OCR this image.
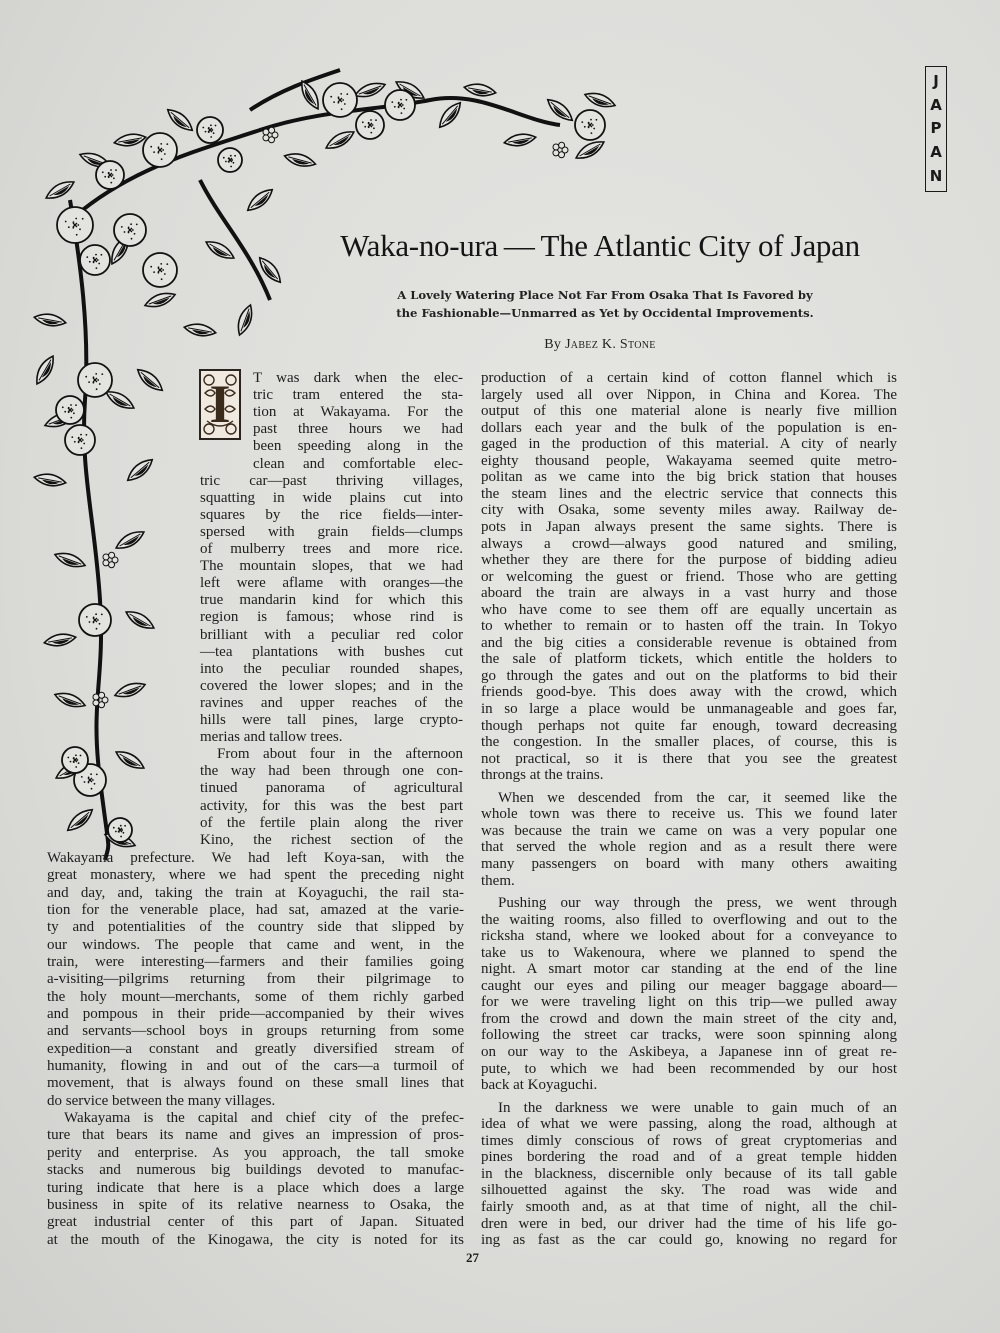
J
A
P
A
N
Waka-no-ura — The Atlantic City of Japan
A Lovely Watering Place Not Far From Osaka That Is Favored by
the Fashionable—Unmarred as Yet by Occidental Improvements.
By Jabez K. Stone
I	T was dark when the elec-
tric tram entered the sta-
tion at Wakayama. For the
past three hours we had
been speeding along in the
clean and comfortable elec-
tric car—past thriving villages,
squatting in wide plains cut into
squares by the rice fields—inter-
spersed with grain fields—clumps
of mulberry trees and more rice.
The mountain slopes, that we had
left were aflame with oranges—the
true mandarin kind for which this
region is famous; whose rind is
brilliant with a peculiar red color
—tea plantations with bushes cut
into the peculiar rounded shapes,
covered the lower slopes; and in the
ravines and upper reaches of the
hills were tall pines, large crypto-
merias and tallow trees.
From about four in the afternoon
the way had been through one con-
tinued panorama of agricultural
activity, for this was the best part
of the fertile plain along the river
Kino, the richest section of the
Wakayama prefecture. We had left Koya-san, with the
great monastery, where we had spent the preceding night
and day, and, taking the train at Koyaguchi, the rail sta-
tion for the venerable place, had sat, amazed at the varie-
ty and potentialities of the country side that slipped by
our windows. The people that came and went, in the
train, were interesting—farmers and their families going
a-visiting—pilgrims returning from their pilgrimage to
the holy mount—merchants, some of them richly garbed
and pompous in their pride—accompanied by their wives
and servants—school boys in groups returning from some
expedition—a constant and greatly diversified stream of
humanity, flowing in and out of the cars—a turmoil of
movement, that is always found on these small lines that
do service between the many villages.
Wakayama is the capital and chief city of the prefec-
ture that bears its name and gives an impression of pros-
perity and enterprise. As you approach, the tall smoke
stacks and numerous big buildings devoted to manufac-
turing indicate that here is a place which does a large
business in spite of its relative nearness to Osaka, the
great industrial center of this part of Japan. Situated
at the mouth of the Kinogawa, the city is noted for its
production of a certain kind of cotton flannel which is
largely used all over Nippon, in China and Korea. The
output of this one material alone is nearly five million
dollars each year and the bulk of the population is en-
gaged in the production of this material. A city of nearly
eighty thousand people, Wakayama seemed quite metro-
politan as we came into the big brick station that houses
the steam lines and the electric service that connects this
city with Osaka, some seventy miles away. Railway de-
pots in Japan always present the same sights. There is
always a crowd—always good natured and smiling,
whether they are there for the purpose of bidding adieu
or welcoming the guest or friend. Those who are getting
aboard the train are always in a vast hurry and those
who have come to see them off are equally uncertain as
to whether to remain or to hasten off the train. In Tokyo
and the big cities a considerable revenue is obtained from
the sale of platform tickets, which entitle the holders to
go through the gates and out on the platforms to bid their
friends good-bye. This does away with the crowd, which
in so large a place would be unmanageable and goes far,
though perhaps not quite far enough, toward decreasing
the congestion. In the smaller places, of course, this is
not practical, so it is there that you see the greatest
throngs at the trains.
When we descended from the car, it seemed like the
whole town was there to receive us. This we found later
was because the train we came on was a very popular one
that served the whole region and as a result there were
many passengers on board with many others awaiting
them.
Pushing our way through the press, we went through
the waiting rooms, also filled to overflowing and out to the
ricksha stand, where we looked about for a conveyance to
take us to Wakenoura, where we planned to spend the
night. A smart motor car standing at the end of the line
caught our eyes and piling our meager baggage aboard—
for we were traveling light on this trip—we pulled away
from the crowd and down the main street of the city and,
following the street car tracks, were soon spinning along
on our way to the Askibeya, a Japanese inn of great re-
pute, to which we had been recommended by our host
back at Koyaguchi.
In the darkness we were unable to gain much of an
idea of what we were passing, along the road, although at
times dimly conscious of rows of great cryptomerias and
pines bordering the road and of a great temple hidden
in the blackness, discernible only because of its tall gable
silhouetted against the sky. The road was wide and
fairly smooth and, as at that time of night, all the chil-
dren were in bed, our driver had the time of his life go-
ing as fast as the car could go, knowing no regard for
27
